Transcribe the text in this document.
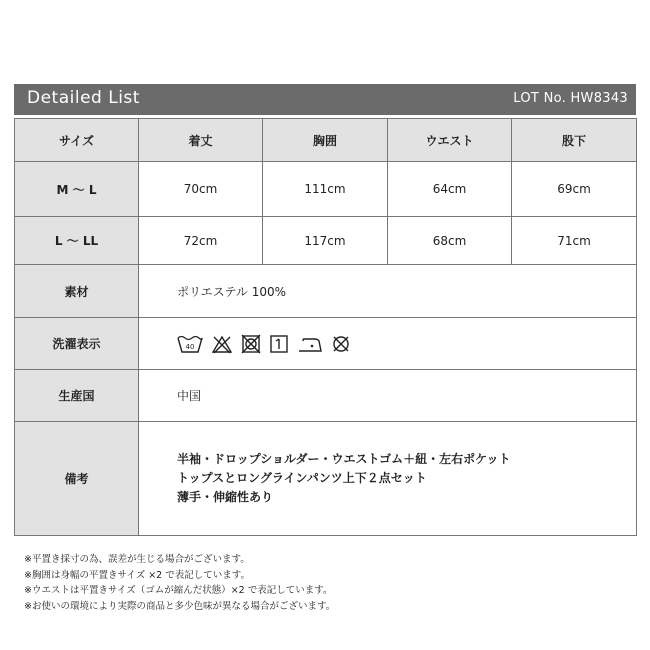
Detailed List	LOT No. HW8343
サイズ	着丈	胸囲	ウエスト	股下
M ～ L	70cm	111cm	64cm	69cm
L ～ LL	72cm	117cm	68cm	71cm
素材	ポリエステル 100%			
洗濯表示	40			

生産国	中国			
備考	半袖・ドロップショルダー・ウエストゴム＋紐・左右ポケット
トップスとロングラインパンツ上下２点セット
薄手・伸縮性あり			
※平置き採寸の為、誤差が生じる場合がございます。
※胸囲は身幅の平置きサイズ ×2 で表記しています。
※ウエストは平置きサイズ（ゴムが縮んだ状態）×2 で表記しています。
※お使いの環境により実際の商品と多少色味が異なる場合がございます。
